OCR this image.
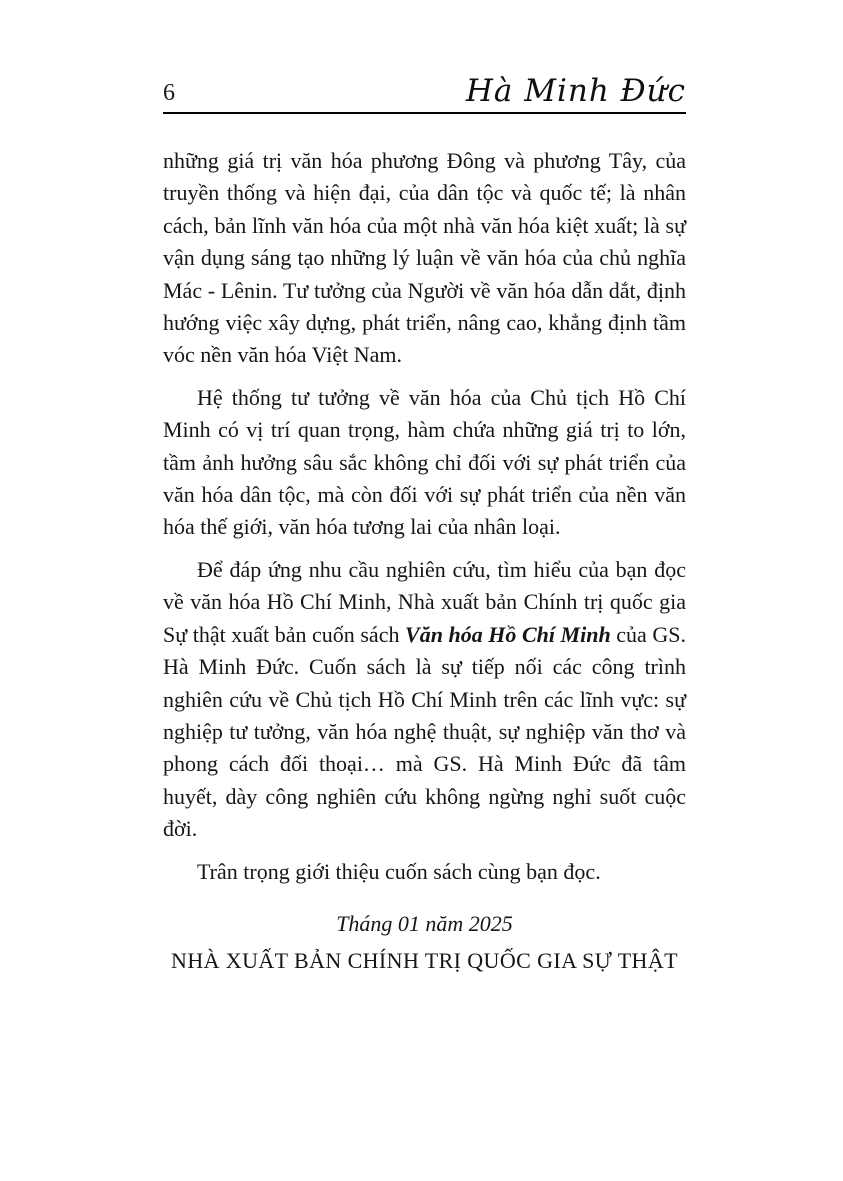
6	Hà Minh Đức

những giá trị văn hóa phương Đông và phương Tây, của truyền thống và hiện đại, của dân tộc và quốc tế; là nhân cách, bản lĩnh văn hóa của một nhà văn hóa kiệt xuất; là sự vận dụng sáng tạo những lý luận về văn hóa của chủ nghĩa Mác - Lênin. Tư tưởng của Người về văn hóa dẫn dắt, định hướng việc xây dựng, phát triển, nâng cao, khẳng định tầm vóc nền văn hóa Việt Nam.

Hệ thống tư tưởng về văn hóa của Chủ tịch Hồ Chí Minh có vị trí quan trọng, hàm chứa những giá trị to lớn, tầm ảnh hưởng sâu sắc không chỉ đối với sự phát triển của văn hóa dân tộc, mà còn đối với sự phát triển của nền văn hóa thế giới, văn hóa tương lai của nhân loại.

Để đáp ứng nhu cầu nghiên cứu, tìm hiểu của bạn đọc về văn hóa Hồ Chí Minh, Nhà xuất bản Chính trị quốc gia Sự thật xuất bản cuốn sách Văn hóa Hồ Chí Minh của GS. Hà Minh Đức. Cuốn sách là sự tiếp nối các công trình nghiên cứu về Chủ tịch Hồ Chí Minh trên các lĩnh vực: sự nghiệp tư tưởng, văn hóa nghệ thuật, sự nghiệp văn thơ và phong cách đối thoại… mà GS. Hà Minh Đức đã tâm huyết, dày công nghiên cứu không ngừng nghỉ suốt cuộc đời.

Trân trọng giới thiệu cuốn sách cùng bạn đọc.

Tháng 01 năm 2025

NHÀ XUẤT BẢN CHÍNH TRỊ QUỐC GIA SỰ THẬT
